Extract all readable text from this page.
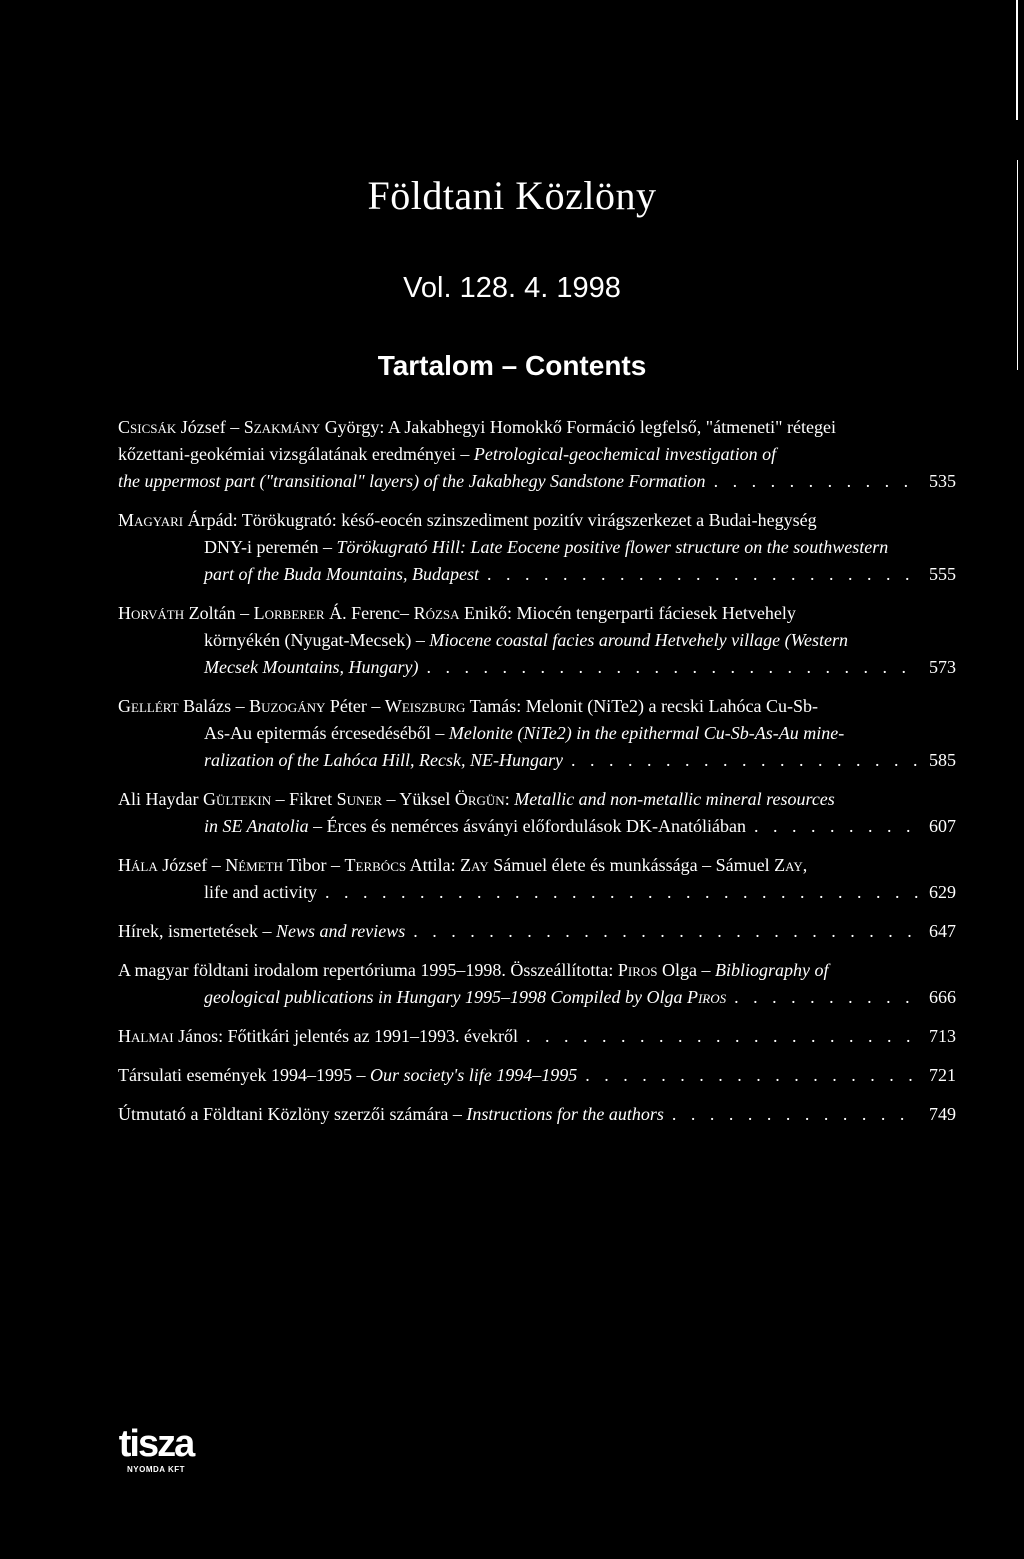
Földtani Közlöny
Vol. 128. 4. 1998
Tartalom – Contents
Csicsák József – Szakmány György: A Jakabhegyi Homokkő Formáció legfelső, "átmeneti" rétegei
kőzettani-geokémiai vizsgálatának eredményei – Petrological-geochemical investigation of
the uppermost part ("transitional" layers) of the Jakabhegy Sandstone Formation . . .	535
Magyari Árpád: Törökugrató: késő-eocén szinszediment pozitív virágszerkezet a Budai-hegység
DNY-i peremén – Törökugrató Hill: Late Eocene positive flower structure on the southwestern
part of the Buda Mountains, Budapest . . .	555
Horváth Zoltán – Lorberer Á. Ferenc– Rózsa Enikő: Miocén tengerparti fáciesek Hetvehely
környékén (Nyugat-Mecsek) – Miocene coastal facies around Hetvehely village (Western
Mecsek Mountains, Hungary) . . .	573
Gellért Balázs – Buzogány Péter – Weiszburg Tamás: Melonit (NiTe2) a recski Lahóca Cu-Sb-
As-Au epitermás ércesedéséből – Melonite (NiTe2) in the epithermal Cu-Sb-As-Au mine-
ralization of the Lahóca Hill, Recsk, NE-Hungary . . .	585
Ali Haydar Gültekin – Fikret Suner – Yüksel Örgün: Metallic and non-metallic mineral resources
in SE Anatolia – Érces és nemérces ásványi előfordulások DK-Anatóliában . . .	607
Hála József – Németh Tibor – Terbócs Attila: Zay Sámuel élete és munkássága – Sámuel Zay,
life and activity . . .	629
Hírek, ismertetések – News and reviews . . .	647
A magyar földtani irodalom repertóriuma 1995–1998. Összeállította: Piros Olga – Bibliography of
geological publications in Hungary 1995–1998 Compiled by Olga Piros . . .	666
Halmai János: Főtitkári jelentés az 1991–1993. évekről . . .	713
Társulati események 1994–1995 – Our society's life 1994–1995 . . .	721
Útmutató a Földtani Közlöny szerzői számára – Instructions for the authors . . .	749
tisza
NYOMDA KFT
